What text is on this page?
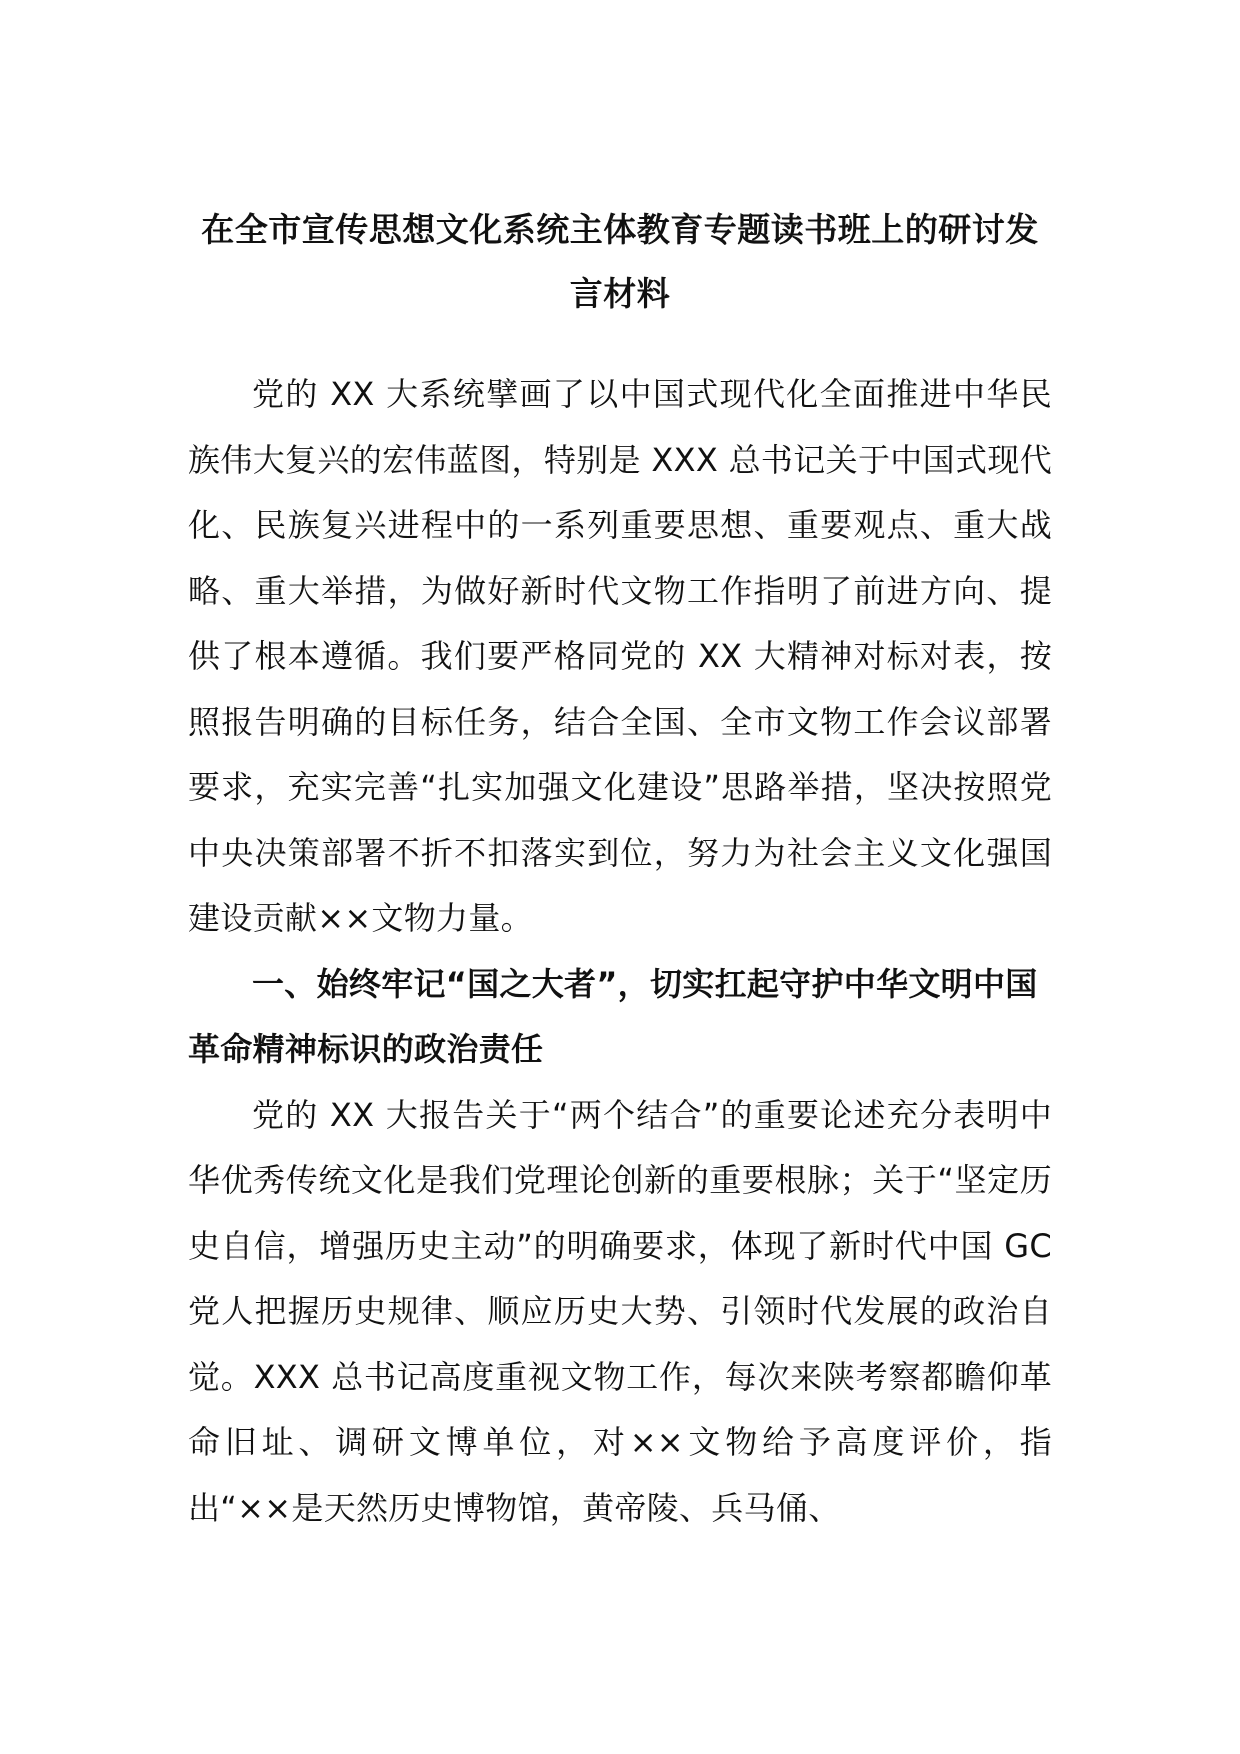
在全市宣传思想文化系统主体教育专题读书班上的研讨发言材料

党的 XX 大系统擘画了以中国式现代化全面推进中华民族伟大复兴的宏伟蓝图，特别是 XXX 总书记关于中国式现代化、民族复兴进程中的一系列重要思想、重要观点、重大战略、重大举措，为做好新时代文物工作指明了前进方向、提供了根本遵循。我们要严格同党的 XX 大精神对标对表，按照报告明确的目标任务，结合全国、全市文物工作会议部署要求，充实完善“扎实加强文化建设”思路举措，坚决按照党中央决策部署不折不扣落实到位，努力为社会主义文化强国建设贡献××文物力量。

一、始终牢记“国之大者”，切实扛起守护中华文明中国革命精神标识的政治责任

党的 XX 大报告关于“两个结合”的重要论述充分表明中华优秀传统文化是我们党理论创新的重要根脉；关于“坚定历史自信，增强历史主动”的明确要求，体现了新时代中国 GC 党人把握历史规律、顺应历史大势、引领时代发展的政治自觉。XXX 总书记高度重视文物工作，每次来陕考察都瞻仰革命旧址、调研文博单位，对××文物给予高度评价，指出“××是天然历史博物馆，黄帝陵、兵马俑、
